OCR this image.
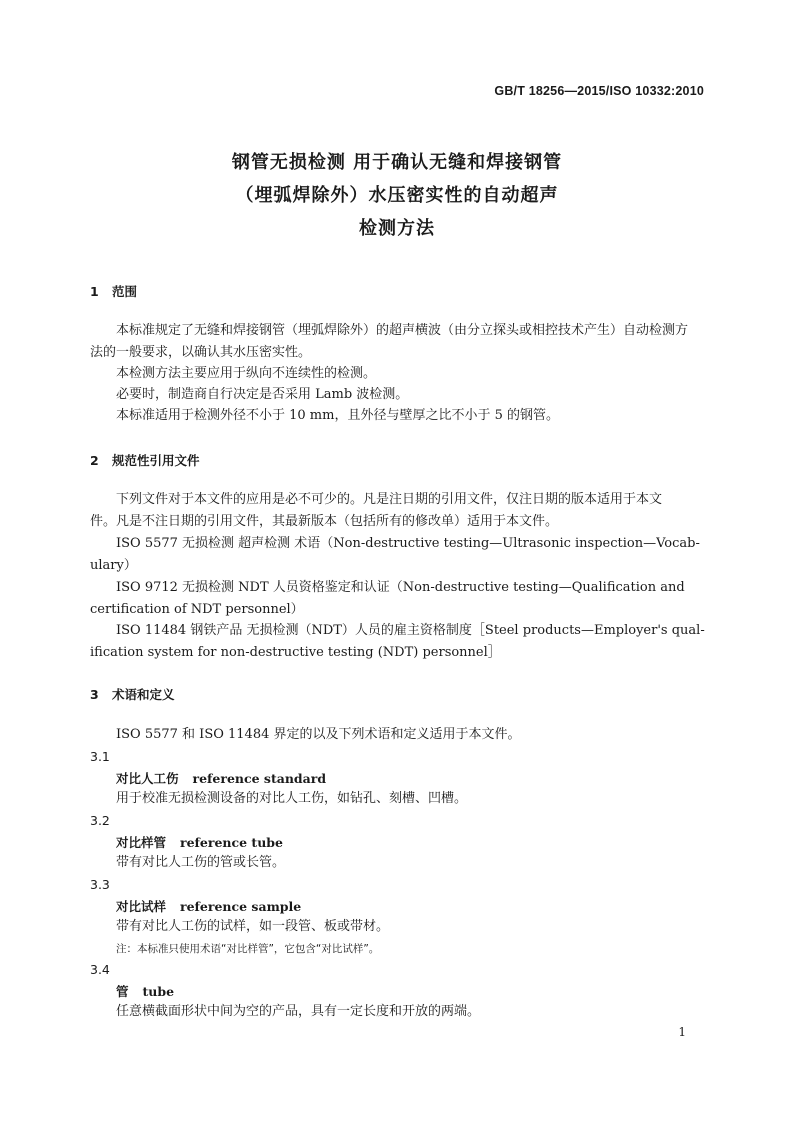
GB/T 18256—2015/ISO 10332:2010
钢管无损检测 用于确认无缝和焊接钢管
（埋弧焊除外）水压密实性的自动超声
检测方法
1 范围
本标准规定了无缝和焊接钢管（埋弧焊除外）的超声横波（由分立探头或相控技术产生）自动检测方
法的一般要求，以确认其水压密实性。
本检测方法主要应用于纵向不连续性的检测。
必要时，制造商自行决定是否采用 Lamb 波检测。
本标准适用于检测外径不小于 10 mm，且外径与壁厚之比不小于 5 的钢管。
2 规范性引用文件
下列文件对于本文件的应用是必不可少的。凡是注日期的引用文件，仅注日期的版本适用于本文
件。凡是不注日期的引用文件，其最新版本（包括所有的修改单）适用于本文件。
ISO 5577 无损检测 超声检测 术语（Non-destructive testing—Ultrasonic inspection—Vocab-
ulary）
ISO 9712 无损检测 NDT 人员资格鉴定和认证（Non-destructive testing—Qualification and
certification of NDT personnel）
ISO 11484 钢铁产品 无损检测（NDT）人员的雇主资格制度［Steel products—Employer's qual-
ification system for non-destructive testing (NDT) personnel］
3 术语和定义
ISO 5577 和 ISO 11484 界定的以及下列术语和定义适用于本文件。
3.1
对比人工伤 reference standard
用于校准无损检测设备的对比人工伤，如钻孔、刻槽、凹槽。
3.2
对比样管 reference tube
带有对比人工伤的管或长管。
3.3
对比试样 reference sample
带有对比人工伤的试样，如一段管、板或带材。
注：本标准只使用术语“对比样管”，它包含“对比试样”。
3.4
管 tube
任意横截面形状中间为空的产品，具有一定长度和开放的两端。
1
